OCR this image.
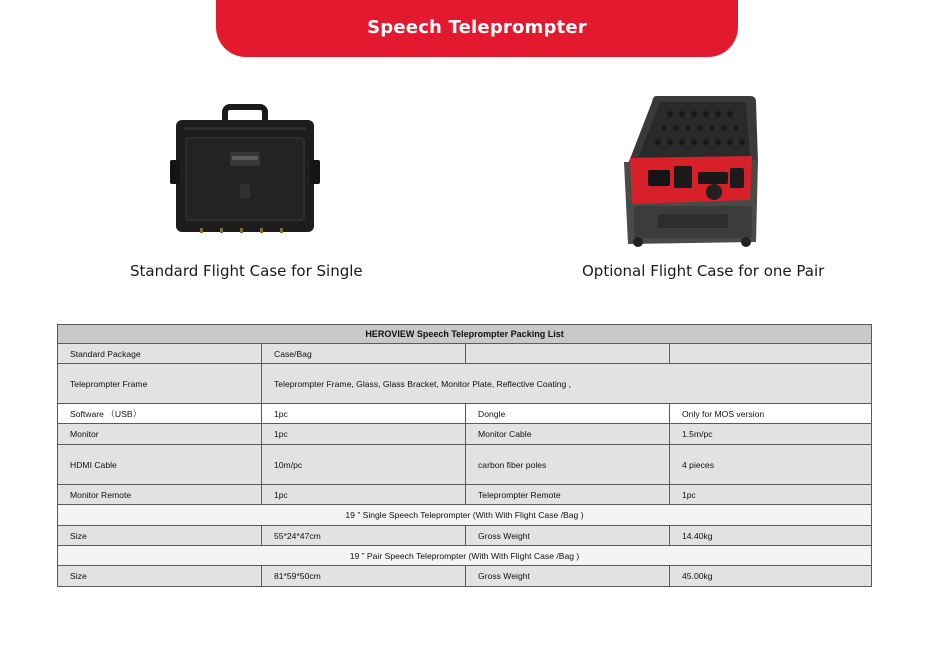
Speech Teleprompter
Standard Flight Case for Single	Optional Flight Case for one Pair
HEROVIEW Speech Teleprompter Packing List			
Standard Package	Case/Bag		
Teleprompter Frame	Teleprompter Frame, Glass, Glass Bracket, Monitor Plate, Reflective Coating ,		
Software （USB）	1pc	Dongle	Only for MOS version
Monitor	1pc	Monitor Cable	1.5m/pc
HDMI Cable	10m/pc	carbon fiber poles	4 pieces
Monitor Remote	1pc	Teleprompter Remote	1pc
19 ” Single Speech Teleprompter (With With Flight Case /Bag )			
Size	55*24*47cm	Gross Weight	14.40kg
19 ” Pair Speech Teleprompter (With With Flight Case /Bag )			
Size	81*59*50cm	Gross Weight	45.00kg
